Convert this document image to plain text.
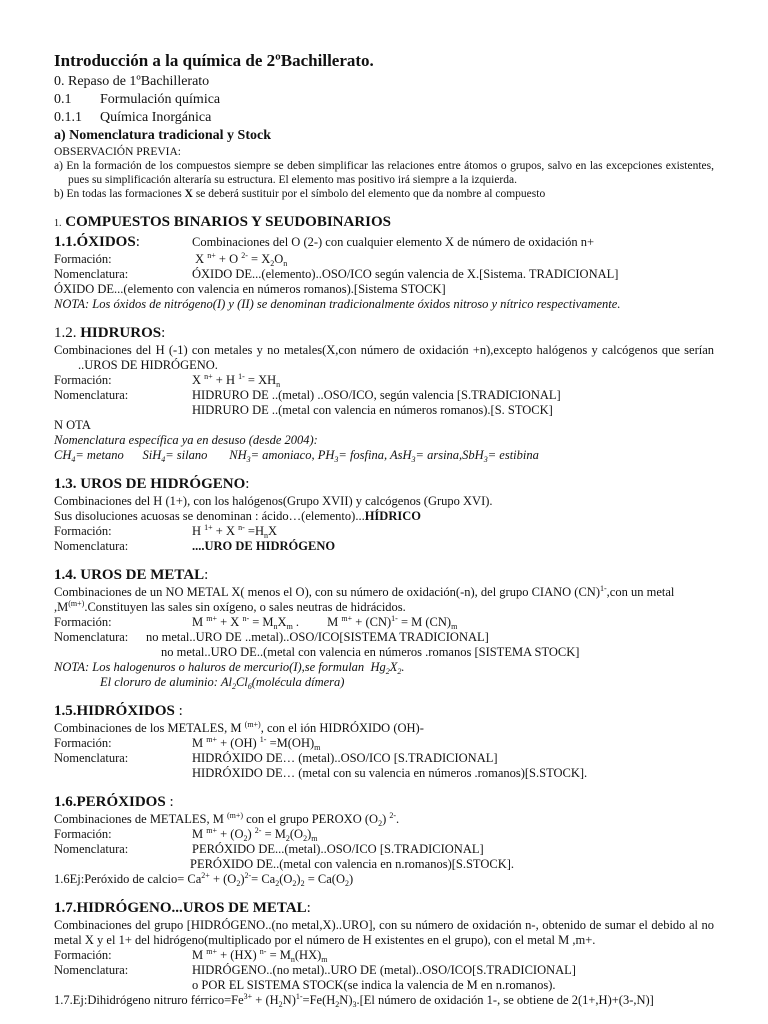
Introducción a la química de 2ºBachillerato.
0. Repaso de 1ºBachillerato
0.1 Formulación química
0.1.1 Química Inorgánica
a) Nomenclatura tradicional y Stock
OBSERVACIÓN PREVIA:
a) En la formación de los compuestos siempre se deben simplificar las relaciones entre átomos o grupos, salvo en las excepciones existentes, pues su simplificación alteraría su estructura. El elemento mas positivo irá siempre a la izquierda.
b) En todas las formaciones X se deberá sustituir por el símbolo del elemento que da nombre al compuesto
1. COMPUESTOS BINARIOS Y SEUDOBINARIOS
1.1.ÓXIDOS:	Combinaciones del O (2-) con cualquier elemento X de número de oxidación n+
Formación:	X $^{n+}$ + O $^{2-} = X_2O_n$
Nomenclatura:	ÓXIDO DE...(elemento)..OSO/ICO según valencia de X.[Sistema. TRADICIONAL]
ÓXIDO DE...(elemento con valencia en números romanos).[Sistema STOCK]
NOTA: Los óxidos de nitrógeno(I) y (II) se denominan tradicionalmente óxidos nitroso y nítrico respectivamente.
1.2. HIDRUROS:
Combinaciones del H (-1) con metales y no metales(X,con número de oxidación +n),excepto halógenos y calcógenos que serían ..UROS DE HIDRÓGENO.
Formación:	X $^{n+}$ + H $^{1-} = XH_n$
Nomenclatura:	HIDRURO DE ..(metal) ..OSO/ICO, según valencia [S.TRADICIONAL]
HIDRURO DE ..(metal con valencia en números romanos).[S. STOCK]
N OTA
Nomenclatura específica ya en desuso (desde 2004):
$CH_4= metano$      SiH$_4$= silano       $NH_3=$ amoniaco, $PH_3=$ fosfina, AsH$_3$= arsina,SbH$_3$= estibina
1.3. UROS DE HIDRÓGENO:
Combinaciones del H (1+), con los halógenos(Grupo XVII) y calcógenos (Grupo XVI).
Sus disoluciones acuosas se denominan : ácido…(elemento)...HÍDRICO
Formación:	H $^{1+}$ + X $^{n-} =H_nX$
Nomenclatura:	....URO DE HIDRÓGENO
1.4. UROS DE METAL:
Combinaciones de un NO METAL X( menos el O), con su número de oxidación(-n), del grupo CIANO (CN)$^{1-}$,con un metal
$,M^{(m+)}.Constituyen$ las sales sin oxígeno, o sales neutras de hidrácidos.
Formación:	M $^{m+}$ + X $^{n-} = M_nX_m$ .         M $^{m+}$ + (CN)$^{1-}$ = M $(CN)_m$
Nomenclatura: no metal..URO DE ..metal)..OSO/ICO[SISTEMA TRADICIONAL]
no metal..URO DE..(metal con valencia en números .romanos [SISTEMA STOCK]
NOTA: Los halogenuros o haluros de mercurio(I),se formulan  $Hg_2X_2$.
El cloruro de aluminio: $Al_2Cl_6(molécula$ dímera)
1.5.HIDRÓXIDOS :
Combinaciones de los METALES, M $^{(m+)}$, con el ión HIDRÓXIDO (OH)-
Formación:	M $^{m+}$ + (OH) $^{1-} =M(OH)_m$
Nomenclatura:	HIDRÓXIDO DE… (metal)..OSO/ICO [S.TRADICIONAL]
HIDRÓXIDO DE… (metal con su valencia en números .romanos)[S.STOCK].
1.6.PERÓXIDOS :
Combinaciones de METALES, M $^{(m+)}$ con el grupo PEROXO $(O_2)$ $^{2-}$.
Formación:	M $^{m+} + (O_2) ^{2-} = M_2(O_2)_m$
Nomenclatura:	PERÓXIDO DE...(metal)..OSO/ICO [S.TRADICIONAL]
PERÓXIDO DE..(metal con valencia en n.romanos)[S.STOCK].
1.6Ej:Peróxido de calcio= $Ca^{2+} + (O_2)^{2-}= Ca_2(O_2)_2 = Ca(O_2)$
1.7.HIDRÓGENO...UROS DE METAL:
Combinaciones del grupo [HIDRÓGENO..(no metal,X)..URO], con su número de oxidación n-, obtenido de sumar el debido al no metal X y el 1+ del hidrógeno(multiplicado por el número de H existentes en el grupo), con el metal M ,m+.
Formación:	M $^{m+}$ + (HX) $^{n-} = M_n(HX)_m$
Nomenclatura:	HIDRÓGENO..(no metal)..URO DE (metal)..OSO/ICO[S.TRADICIONAL]
o POR EL SISTEMA STOCK(se indica la valencia de M en n.romanos).
1.7.Ej:Dihidrógeno nitruro $férrico=Fe^{3+} + (H_2N)^{1-}=Fe(H_2N)_3.[El$ número de oxidación 1-, se obtiene de 2(1+,H)+(3-,N)]
